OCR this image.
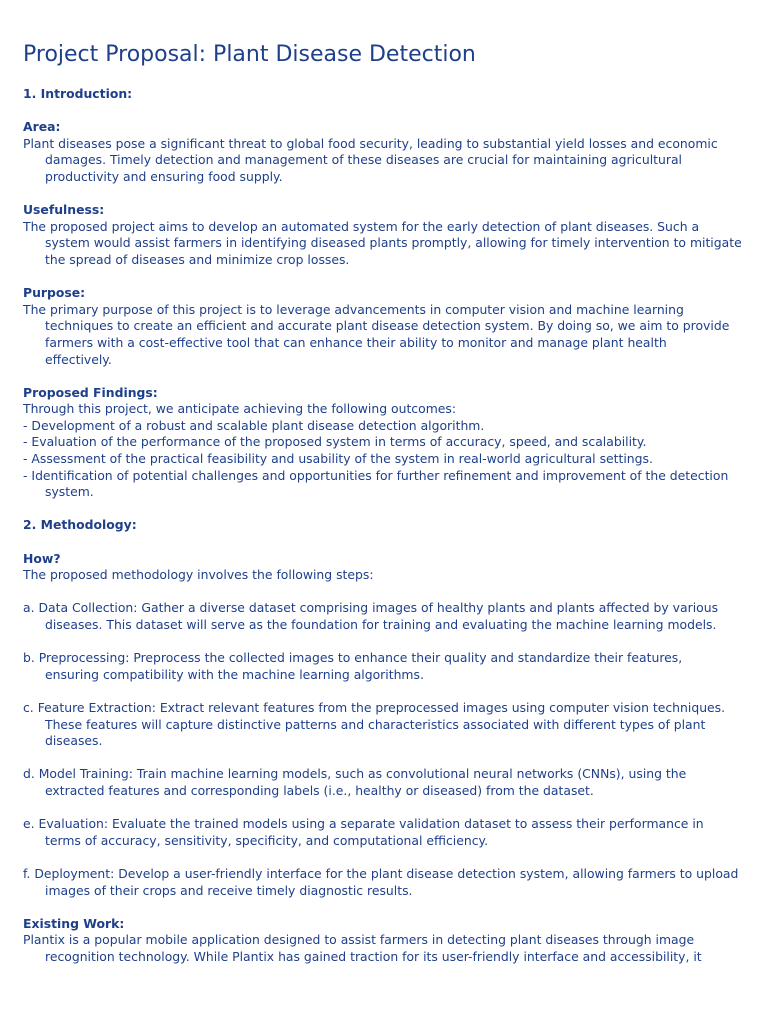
Project Proposal: Plant Disease Detection
1. Introduction:
Area:
Plant diseases pose a significant threat to global food security, leading to substantial yield losses and economic
damages. Timely detection and management of these diseases are crucial for maintaining agricultural
productivity and ensuring food supply.
Usefulness:
The proposed project aims to develop an automated system for the early detection of plant diseases. Such a
system would assist farmers in identifying diseased plants promptly, allowing for timely intervention to mitigate
the spread of diseases and minimize crop losses.
Purpose:
The primary purpose of this project is to leverage advancements in computer vision and machine learning
techniques to create an efficient and accurate plant disease detection system. By doing so, we aim to provide
farmers with a cost-effective tool that can enhance their ability to monitor and manage plant health
effectively.
Proposed Findings:
Through this project, we anticipate achieving the following outcomes:
- Development of a robust and scalable plant disease detection algorithm.
- Evaluation of the performance of the proposed system in terms of accuracy, speed, and scalability.
- Assessment of the practical feasibility and usability of the system in real-world agricultural settings.
- Identification of potential challenges and opportunities for further refinement and improvement of the detection
system.
2. Methodology:
How?
The proposed methodology involves the following steps:
a. Data Collection: Gather a diverse dataset comprising images of healthy plants and plants affected by various
diseases. This dataset will serve as the foundation for training and evaluating the machine learning models.
b. Preprocessing: Preprocess the collected images to enhance their quality and standardize their features,
ensuring compatibility with the machine learning algorithms.
c. Feature Extraction: Extract relevant features from the preprocessed images using computer vision techniques.
These features will capture distinctive patterns and characteristics associated with different types of plant
diseases.
d. Model Training: Train machine learning models, such as convolutional neural networks (CNNs), using the
extracted features and corresponding labels (i.e., healthy or diseased) from the dataset.
e. Evaluation: Evaluate the trained models using a separate validation dataset to assess their performance in
terms of accuracy, sensitivity, specificity, and computational efficiency.
f. Deployment: Develop a user-friendly interface for the plant disease detection system, allowing farmers to upload
images of their crops and receive timely diagnostic results.
Existing Work:
Plantix is a popular mobile application designed to assist farmers in detecting plant diseases through image
recognition technology. While Plantix has gained traction for its user-friendly interface and accessibility, it
